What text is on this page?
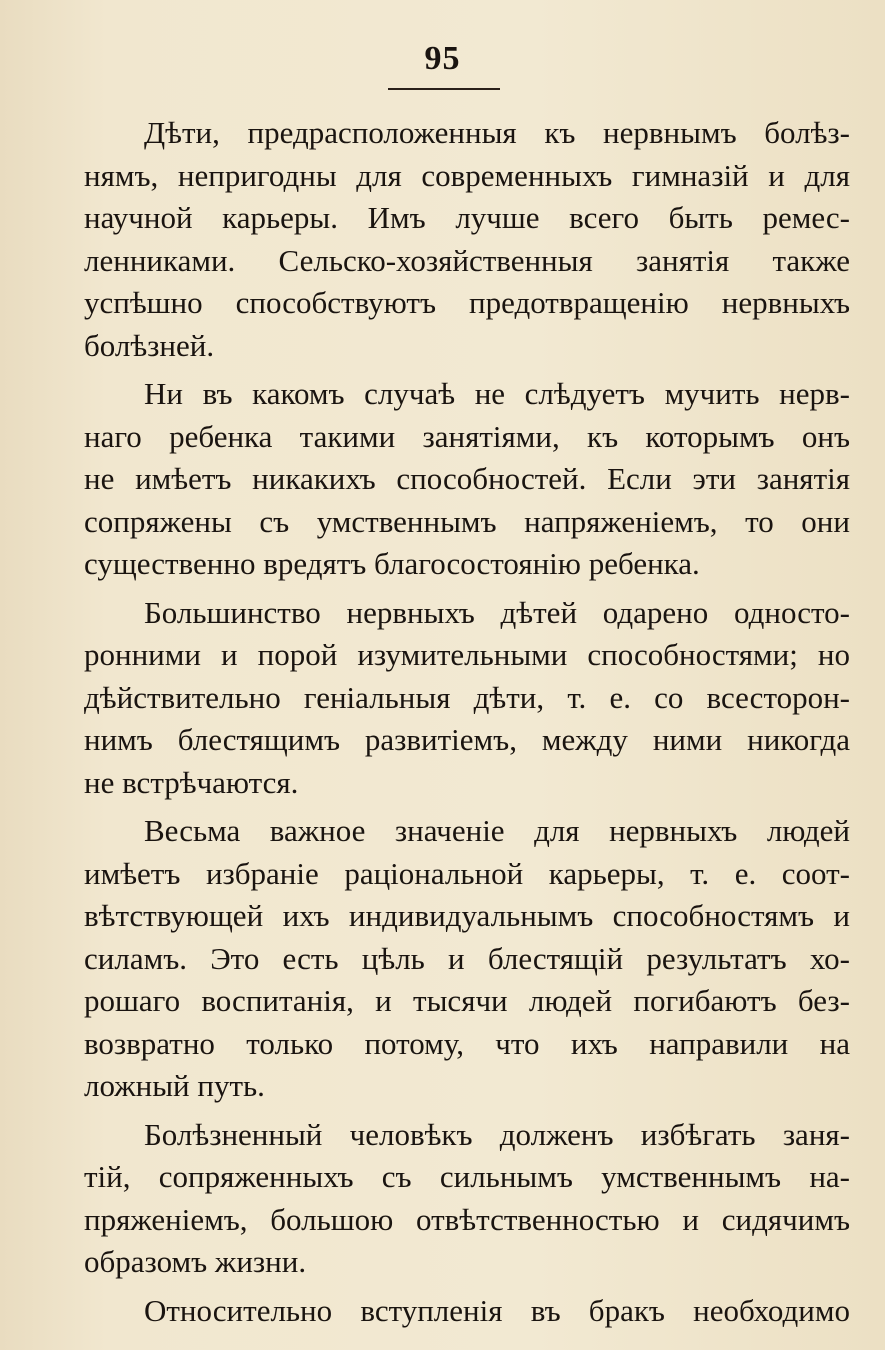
95
Дѣти, предрасположенныя къ нервнымъ болѣз-
нямъ, непригодны для современныхъ гимназій и для
научной карьеры. Имъ лучше всего быть ремес-
ленниками. Сельско-хозяйственныя занятія также
успѣшно способствуютъ предотвращенію нервныхъ
болѣзней.
Ни въ какомъ случаѣ не слѣдуетъ мучить нерв-
наго ребенка такими занятіями, къ которымъ онъ
не имѣетъ никакихъ способностей. Если эти занятія
сопряжены съ умственнымъ напряженіемъ, то они
существенно вредятъ благосостоянію ребенка.
Большинство нервныхъ дѣтей одарено односто-
ронними и порой изумительными способностями; но
дѣйствительно геніальныя дѣти, т. е. со всесторон-
нимъ блестящимъ развитіемъ, между ними никогда
не встрѣчаются.
Весьма важное значеніе для нервныхъ людей
имѣетъ избраніе раціональной карьеры, т. е. соот-
вѣтствующей ихъ индивидуальнымъ способностямъ и
силамъ. Это есть цѣль и блестящій результатъ хо-
рошаго воспитанія, и тысячи людей погибаютъ без-
возвратно только потому, что ихъ направили на
ложный путь.
Болѣзненный человѣкъ долженъ избѣгать заня-
тій, сопряженныхъ съ сильнымъ умственнымъ на-
пряженіемъ, большою отвѣтственностью и сидячимъ
образомъ жизни.
Относительно вступленія въ бракъ необходимо
